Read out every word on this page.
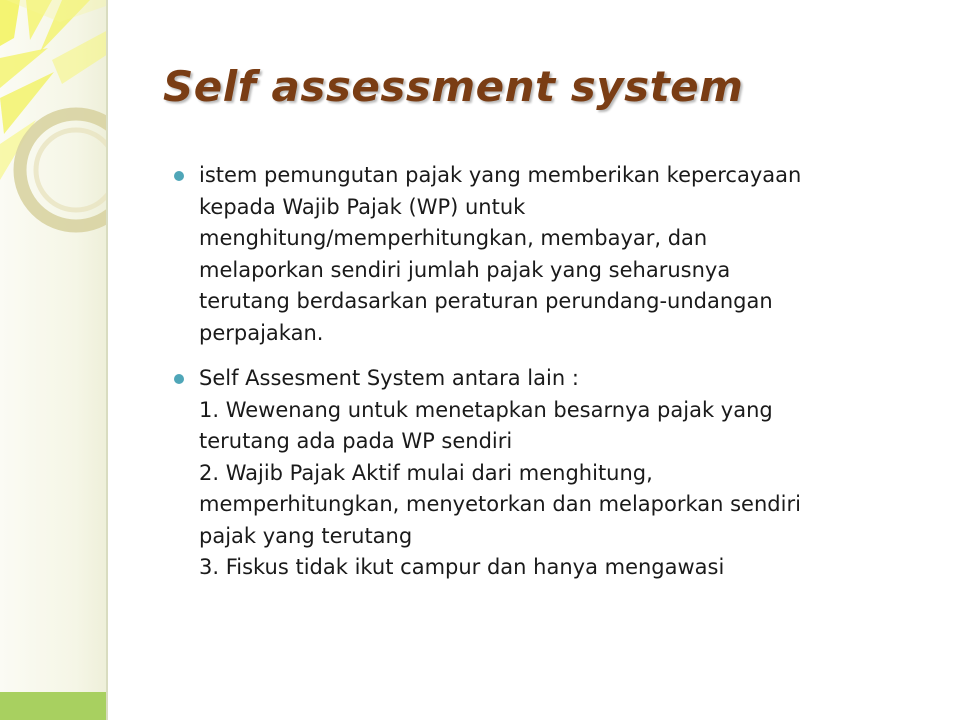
Self assessment system
istem pemungutan pajak yang memberikan kepercayaan
kepada Wajib Pajak (WP) untuk
menghitung/memperhitungkan, membayar, dan
melaporkan sendiri jumlah pajak yang seharusnya
terutang berdasarkan peraturan perundang-undangan
perpajakan.
Self Assesment System antara lain :
1. Wewenang untuk menetapkan besarnya pajak yang
terutang ada pada WP sendiri
2. Wajib Pajak Aktif mulai dari menghitung,
memperhitungkan, menyetorkan dan melaporkan sendiri
pajak yang terutang
3. Fiskus tidak ikut campur dan hanya mengawasi
